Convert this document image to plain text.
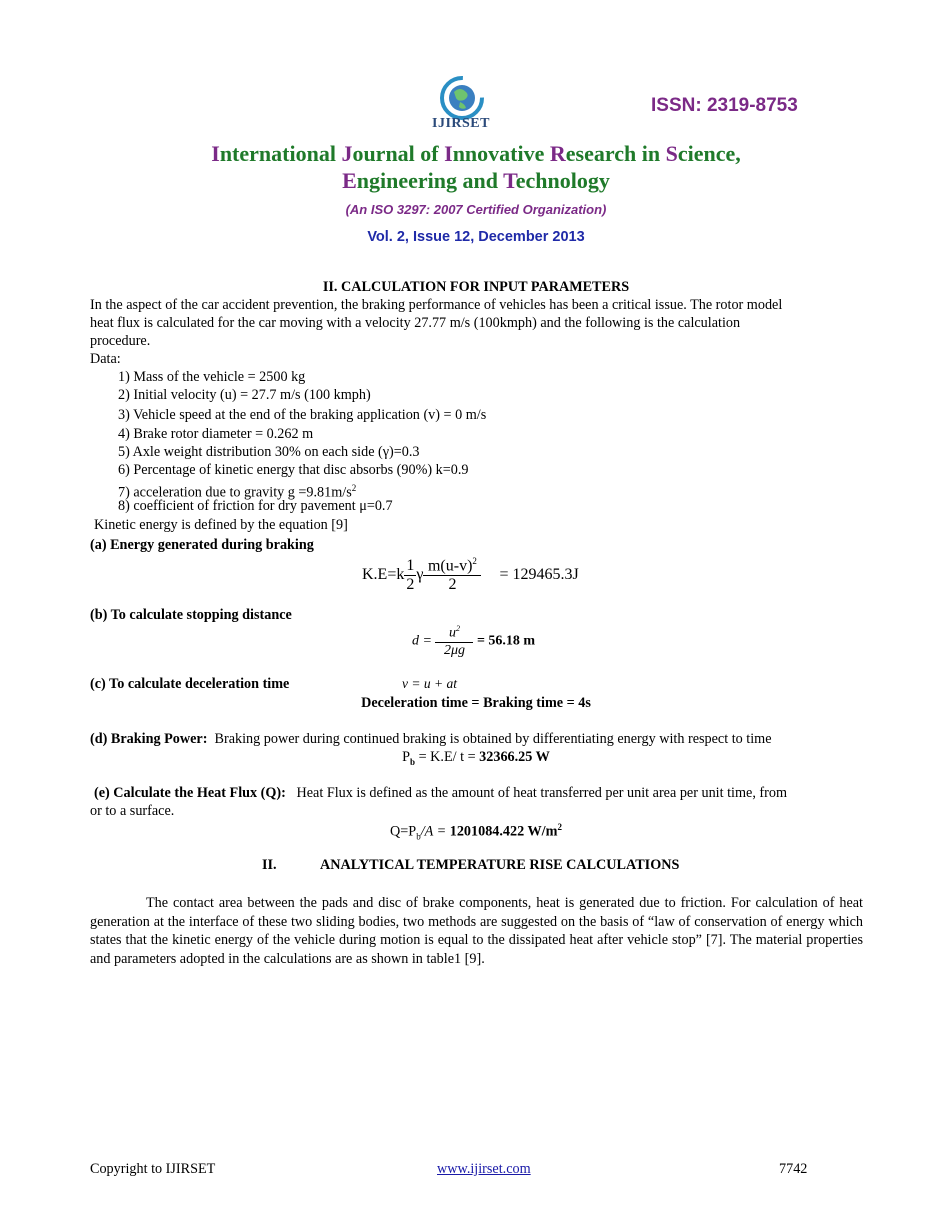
IJIRSET
ISSN: 2319-8753
International Journal of Innovative Research in Science,
Engineering and Technology
(An ISO 3297: 2007 Certified Organization)
Vol. 2, Issue 12, December 2013
II. CALCULATION FOR INPUT PARAMETERS
In the aspect of the car accident prevention, the braking performance of vehicles has been a critical issue. The rotor model
heat flux is calculated for the car moving with a velocity 27.77 m/s (100kmph) and the following is the calculation
procedure.
Data:
1) Mass of the vehicle = 2500 kg
2) Initial velocity (u) = 27.7 m/s (100 kmph)
3) Vehicle speed at the end of the braking application (v) = 0 m/s
4) Brake rotor diameter = 0.262 m
5) Axle weight distribution 30% on each side (γ)=0.3
6) Percentage of kinetic energy that disc absorbs (90%) k=0.9
7) acceleration due to gravity $g =9.81m/s^2$
8) coefficient of friction for dry pavement μ=0.7
Kinetic energy is defined by the equation [9]
(a) Energy generated during braking
$K.E=k \frac{1}{2}$ γ $\frac{m(u-v)^2}{2} = 129465.3J$
(b) To calculate stopping distance
$d = \frac{u^2}{2\mu g} = 56.18$ m
(c) To calculate deceleration time	v = u + at
Deceleration time = Braking time = 4s
(d) Braking Power: Braking power during continued braking is obtained by differentiating energy with respect to time
$P_b = K.E/$ t = 32366.25 W
(e) Calculate the Heat Flux (Q): Heat Flux is defined as the amount of heat transferred per unit area per unit time, from
or to a surface.
$Q=P_b/A = 1201084.422$ $W/m^2$
II.	ANALYTICAL TEMPERATURE RISE CALCULATIONS
The contact area between the pads and disc of brake components, heat is generated due to friction. For calculation of heat generation at the interface of these two sliding bodies, two methods are suggested on the basis of “law of conservation of energy which states that the kinetic energy of the vehicle during motion is equal to the dissipated heat after vehicle stop” [7]. The material properties and parameters adopted in the calculations are as shown in table1 [9].
Copyright to IJIRSET	www.ijirset.com	7742
